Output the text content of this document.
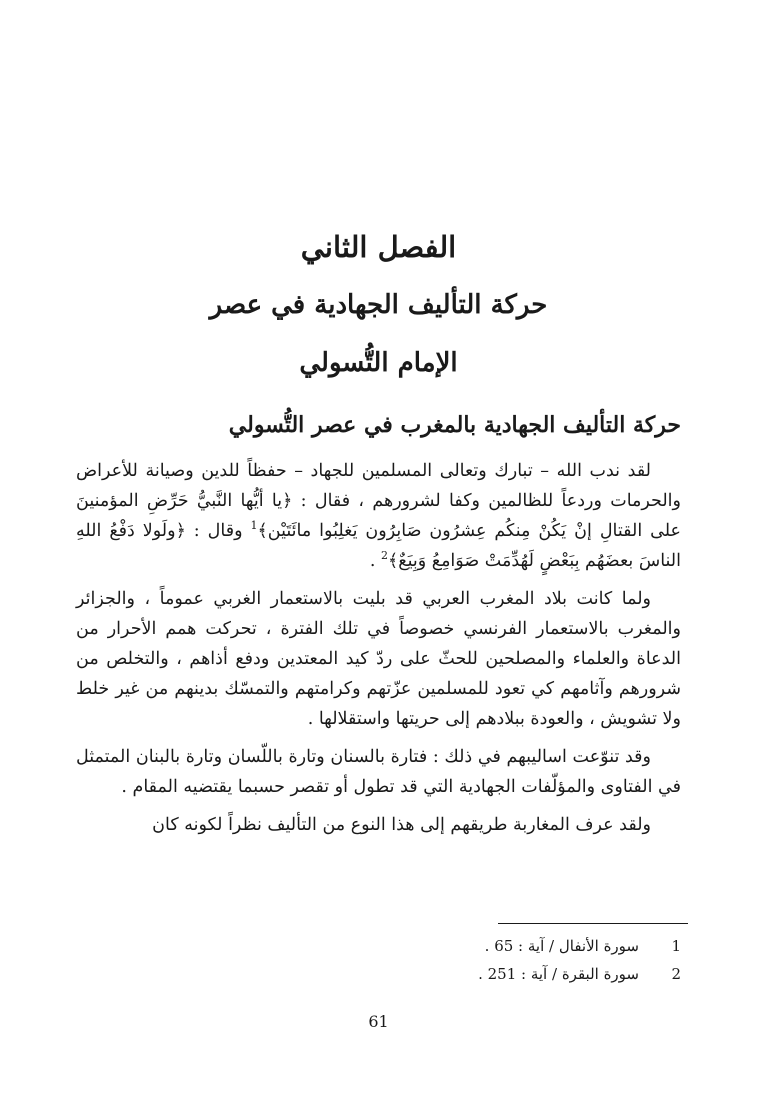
الفصل الثاني
حركة التأليف الجهادية في عصر
الإمام التُّسولي
حركة التأليف الجهادية بالمغرب في عصر التُّسولي

لقد ندب الله – تبارك وتعالى المسلمين للجهاد – حفظاً للدين وصيانة للأعراض والحرمات وردعاً للظالمين وكفا لشرورهم ، فقال : ﴿يا أيُّها النَّبيُّ حَرِّضِ المؤمنينَ على القتالِ إنْ يَكُنْ مِنكُم عِشرُون صَابِرُون يَغلِبُوا مائَتَيْن﴾$^1$ وقال : ﴿ولَولا دَفْعُ اللهِ الناسَ بعضَهُم بِبَعْضٍ لَهُدِّمَتْ صَوَامِعُ وَبِيَعٌ﴾$^2$ .

ولما كانت بلاد المغرب العربي قد بليت بالاستعمار الغربي عموماً ، والجزائر والمغرب بالاستعمار الفرنسي خصوصاً في تلك الفترة ، تحركت همم الأحرار من الدعاة والعلماء والمصلحين للحثّ على ردّ كيد المعتدين ودفع أذاهم ، والتخلص من شرورهم وآثامهم كي تعود للمسلمين عزّتهم وكرامتهم والتمسّك بدينهم من غير خلط ولا تشويش ، والعودة ببلادهم إلى حريتها واستقلالها .

وقد تنوّعت اساليبهم في ذلك : فتارة بالسنان وتارة باللّسان وتارة بالبنان المتمثل في الفتاوى والمؤلّفات الجهادية التي قد تطول أو تقصر حسبما يقتضيه المقام .

ولقد عرف المغاربة طريقهم إلى هذا النوع من التأليف نظراً لكونه كان

1
سورة الأنفال / آية : 65 .
2
سورة البقرة / آية : 251 .
61
